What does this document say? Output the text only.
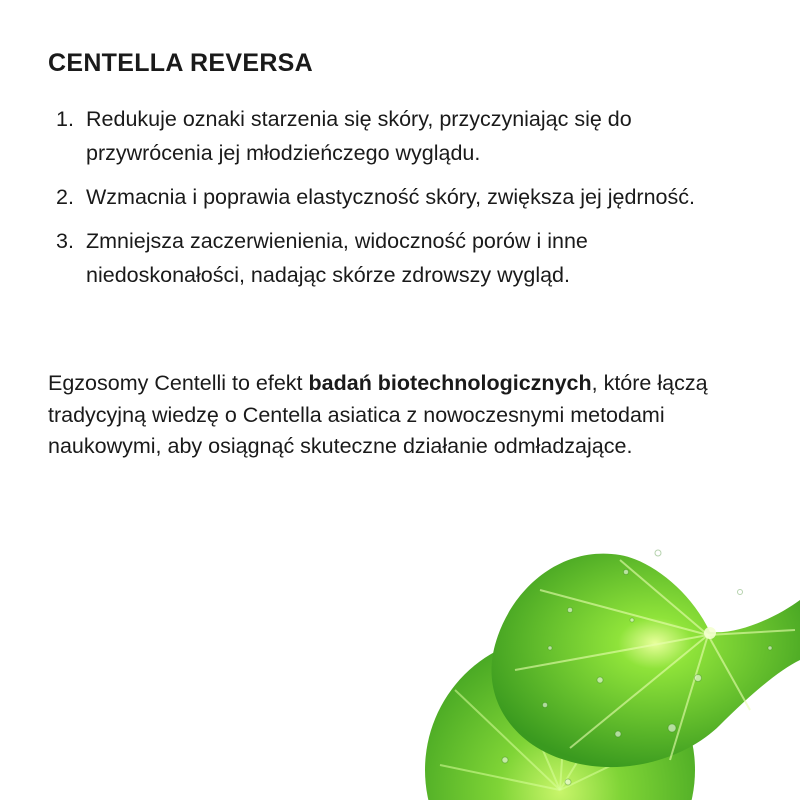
CENTELLA REVERSA
1. Redukuje oznaki starzenia się skóry, przyczyniając się do przywrócenia jej młodzieńczego wyglądu.
2. Wzmacnia i poprawia elastyczność skóry, zwiększa jej jędrność.
3. Zmniejsza zaczerwienienia, widoczność porów i inne niedoskonałości, nadając skórze zdrowszy wygląd.

Egzosomy Centelli to efekt badań biotechnologicznych, które łączą tradycyjną wiedzę o Centella asiatica z nowoczesnymi metodami naukowymi, aby osiągnąć skuteczne działanie odmładzające.
